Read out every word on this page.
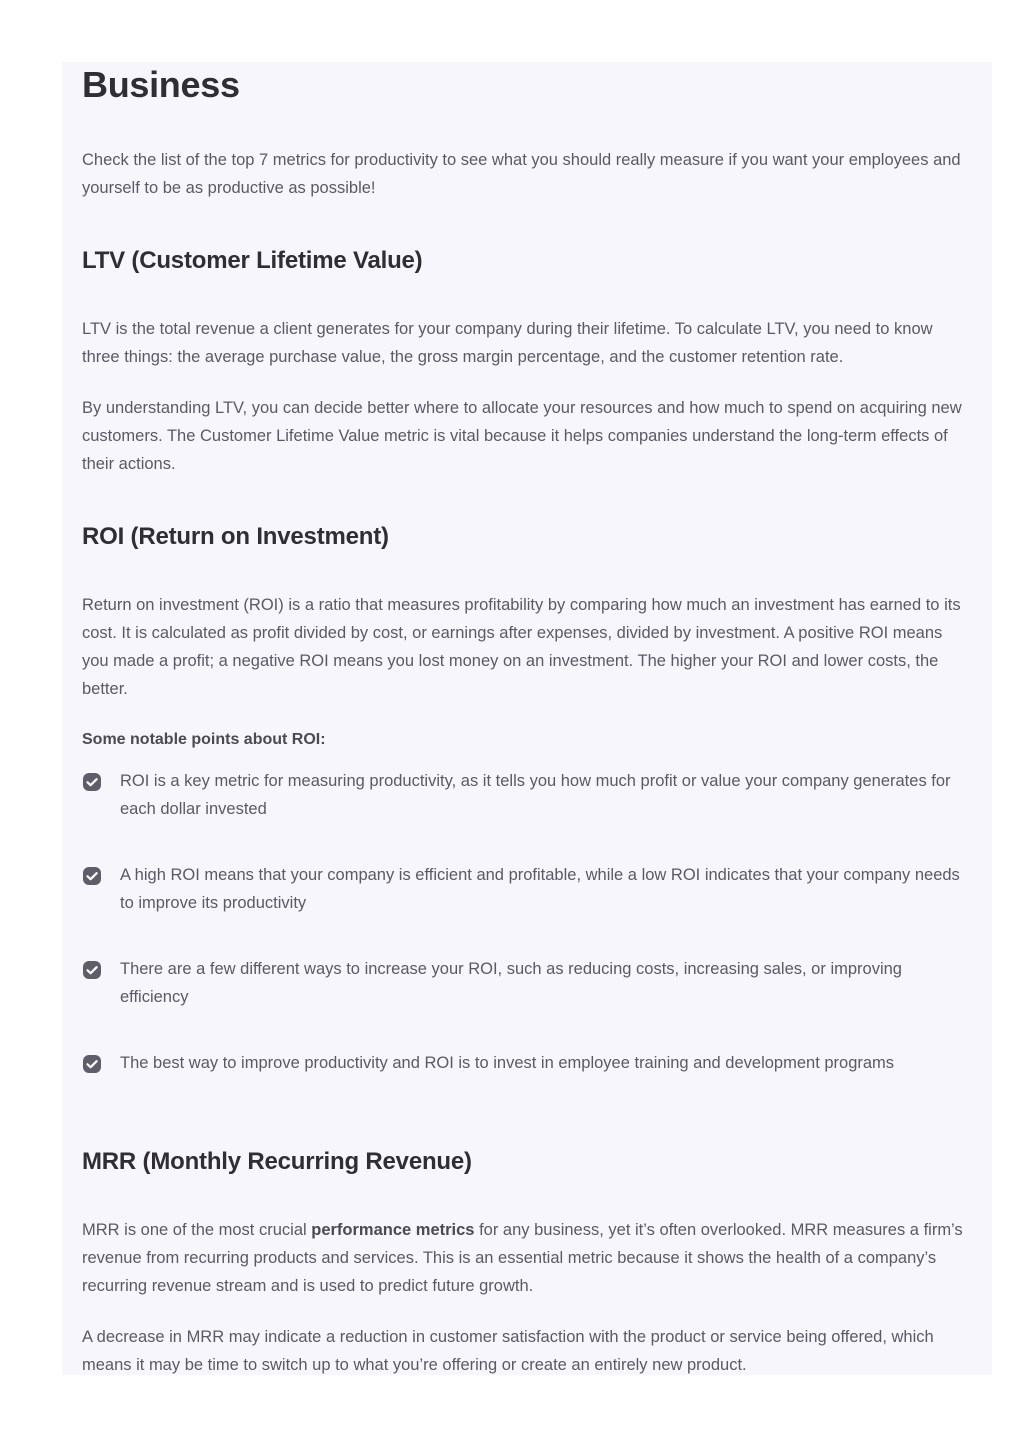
Business

Check the list of the top 7 metrics for productivity to see what you should really measure if you want your employees and yourself to be as productive as possible!

LTV (Customer Lifetime Value)

LTV is the total revenue a client generates for your company during their lifetime. To calculate LTV, you need to know three things: the average purchase value, the gross margin percentage, and the customer retention rate.

By understanding LTV, you can decide better where to allocate your resources and how much to spend on acquiring new customers. The Customer Lifetime Value metric is vital because it helps companies understand the long-term effects of their actions.

ROI (Return on Investment)

Return on investment (ROI) is a ratio that measures profitability by comparing how much an investment has earned to its cost. It is calculated as profit divided by cost, or earnings after expenses, divided by investment. A positive ROI means you made a profit; a negative ROI means you lost money on an investment. The higher your ROI and lower costs, the better.

Some notable points about ROI:

ROI is a key metric for measuring productivity, as it tells you how much profit or value your company generates for each dollar invested
A high ROI means that your company is efficient and profitable, while a low ROI indicates that your company needs to improve its productivity
There are a few different ways to increase your ROI, such as reducing costs, increasing sales, or improving efficiency
The best way to improve productivity and ROI is to invest in employee training and development programs
MRR (Monthly Recurring Revenue)

MRR is one of the most crucial performance metrics for any business, yet it’s often overlooked. MRR measures a firm’s revenue from recurring products and services. This is an essential metric because it shows the health of a company’s recurring revenue stream and is used to predict future growth.

A decrease in MRR may indicate a reduction in customer satisfaction with the product or service being offered, which means it may be time to switch up to what you’re offering or create an entirely new product.
